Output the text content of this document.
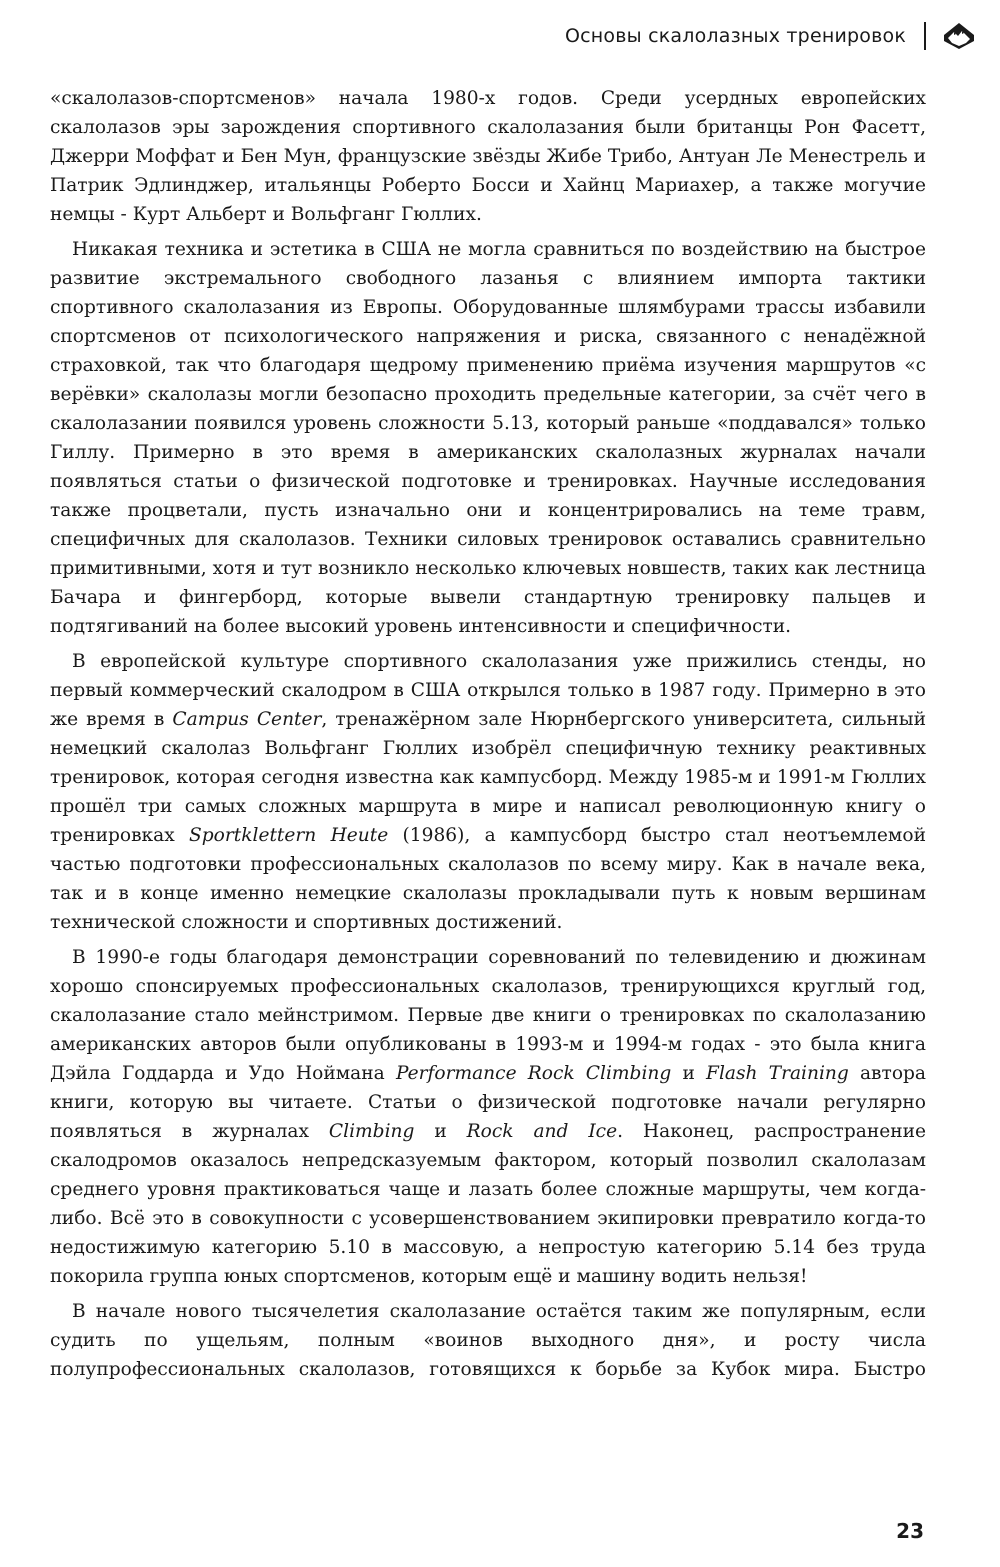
Основы скалолазных тренировок

«скалолазов-спортсменов» начала 1980-х годов. Среди усердных европейских скалолазов эры зарождения спортивного скалолазания были британцы Рон Фасетт, Джерри Моффат и Бен Мун, французские звёзды Жибе Трибо, Антуан Ле Менестрель и Патрик Эдлинджер, итальянцы Роберто Босси и Хайнц Мариахер, а также могучие немцы - Курт Альберт и Вольфганг Гюллих.

Никакая техника и эстетика в США не могла сравниться по воздействию на быстрое развитие экстремального свободного лазанья с влиянием импорта тактики спортивного скалолазания из Европы. Оборудованные шлямбурами трассы избавили спортсменов от психологического напряжения и риска, связанного с ненадёжной страховкой, так что благодаря щедрому применению приёма изучения маршрутов «с верёвки» скалолазы могли безопасно проходить предельные категории, за счёт чего в скалолазании появился уровень сложности 5.13, который раньше «поддавался» только Гиллу. Примерно в это время в американских скалолазных журналах начали появляться статьи о физической подготовке и тренировках. Научные исследования также процветали, пусть изначально они и концентрировались на теме травм, специфичных для скалолазов. Техники силовых тренировок оставались сравнительно примитивными, хотя и тут возникло несколько ключевых новшеств, таких как лестница Бачара и фингерборд, которые вывели стандартную тренировку пальцев и подтягиваний на более высокий уровень интенсивности и специфичности.

В европейской культуре спортивного скалолазания уже прижились стенды, но первый коммерческий скалодром в США открылся только в 1987 году. Примерно в это же время в Campus Center, тренажёрном зале Нюрнбергского университета, сильный немецкий скалолаз Вольфганг Гюллих изобрёл специфичную технику реактивных тренировок, которая сегодня известна как кампусборд. Между 1985-м и 1991-м Гюллих прошёл три самых сложных маршрута в мире и написал революционную книгу о тренировках Sportklettern Heute (1986), а кампусборд быстро стал неотъемлемой частью подготовки профессиональных скалолазов по всему миру. Как в начале века, так и в конце именно немецкие скалолазы прокладывали путь к новым вершинам технической сложности и спортивных достижений.

В 1990-е годы благодаря демонстрации соревнований по телевидению и дюжинам хорошо спонсируемых профессиональных скалолазов, тренирующихся круглый год, скалолазание стало мейнстримом. Первые две книги о тренировках по скалолазанию американских авторов были опубликованы в 1993-м и 1994-м годах - это была книга Дэйла Годдарда и Удо Ноймана Performance Rock Climbing и Flash Training автора книги, которую вы читаете. Статьи о физической подготовке начали регулярно появляться в журналах Climbing и Rock and Ice. Наконец, распространение скалодромов оказалось непредсказуемым фактором, который позволил скалолазам среднего уровня практиковаться чаще и лазать более сложные маршруты, чем когда-либо. Всё это в совокупности с усовершенствованием экипировки превратило когда-то недостижимую категорию 5.10 в массовую, а непростую категорию 5.14 без труда покорила группа юных спортсменов, которым ещё и машину водить нельзя!

В начале нового тысячелетия скалолазание остаётся таким же популярным, если судить по ущельям, полным «воинов выходного дня», и росту числа полупрофессиональных скалолазов, готовящихся к борьбе за Кубок мира. Быстро

23
